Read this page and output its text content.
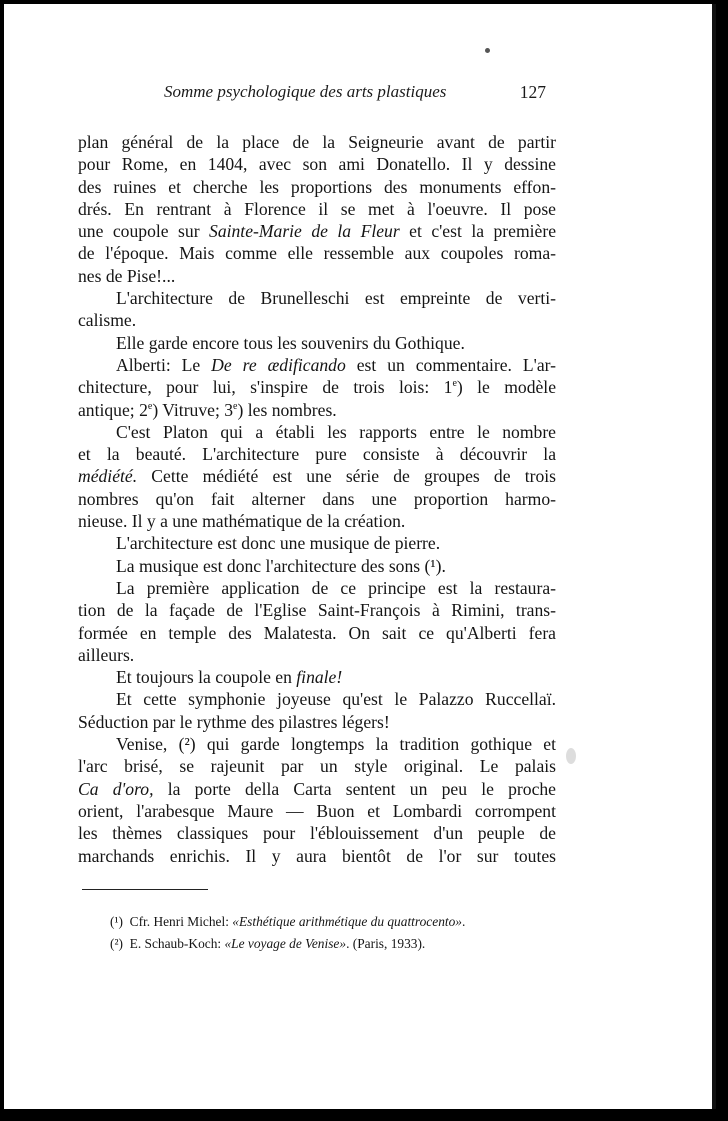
Somme psychologique des arts plastiques	127

plan général de la place de la Seigneurie avant de partir
pour Rome, en 1404, avec son ami Donatello. Il y dessine
des ruines et cherche les proportions des monuments effon-
drés. En rentrant à Florence il se met à l'oeuvre. Il pose
une coupole sur Sainte-Marie de la Fleur et c'est la première
de l'époque. Mais comme elle ressemble aux coupoles roma-
nes de Pise!...

L'architecture de Brunelleschi est empreinte de verti-
calisme.

Elle garde encore tous les souvenirs du Gothique.

Alberti: Le De re ædificando est un commentaire. L'ar-
chitecture, pour lui, s'inspire de trois lois: 1e) le modèle
antique; 2e) Vitruve; 3e) les nombres.

C'est Platon qui a établi les rapports entre le nombre
et la beauté. L'architecture pure consiste à découvrir la
médiété. Cette médiété est une série de groupes de trois
nombres qu'on fait alterner dans une proportion harmo-
nieuse. Il y a une mathématique de la création.

L'architecture est donc une musique de pierre.

La musique est donc l'architecture des sons (¹).

La première application de ce principe est la restaura-
tion de la façade de l'Eglise Saint-François à Rimini, trans-
formée en temple des Malatesta. On sait ce qu'Alberti fera
ailleurs.

Et toujours la coupole en finale!

Et cette symphonie joyeuse qu'est le Palazzo Ruccellaï.
Séduction par le rythme des pilastres légers!

Venise, (²) qui garde longtemps la tradition gothique et
l'arc brisé, se rajeunit par un style original. Le palais
Ca d'oro, la porte della Carta sentent un peu le proche
orient, l'arabesque Maure — Buon et Lombardi corrompent
les thèmes classiques pour l'éblouissement d'un peuple de
marchands enrichis. Il y aura bientôt de l'or sur toutes

(¹) Cfr. Henri Michel: «Esthétique arithmétique du quattrocento».
(²) E. Schaub-Koch: «Le voyage de Venise». (Paris, 1933).
